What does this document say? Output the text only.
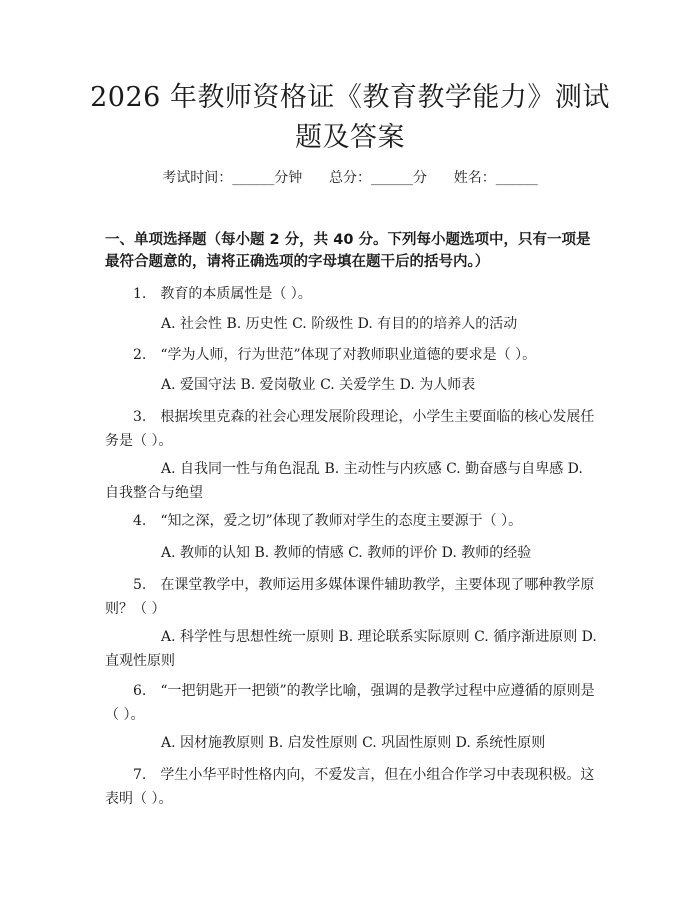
2026 年教师资格证《教育教学能力》测试题及答案
考试时间：______分钟      总分：______分      姓名：______
一、单项选择题（每小题 2 分，共 40 分。下列每小题选项中，只有一项是最符合题意的，请将正确选项的字母填在题干后的括号内。）
1. 教育的本质属性是（ ）。
A. 社会性 B. 历史性 C. 阶级性 D. 有目的的培养人的活动
2. “学为人师，行为世范”体现了对教师职业道德的要求是（ ）。
A. 爱国守法 B. 爱岗敬业 C. 关爱学生 D. 为人师表
3. 根据埃里克森的社会心理发展阶段理论，小学生主要面临的核心发展任务是（ ）。
A. 自我同一性与角色混乱 B. 主动性与内疚感 C. 勤奋感与自卑感 D. 自我整合与绝望
4. “知之深，爱之切”体现了教师对学生的态度主要源于（ ）。
A. 教师的认知 B. 教师的情感 C. 教师的评价 D. 教师的经验
5. 在课堂教学中，教师运用多媒体课件辅助教学，主要体现了哪种教学原则？（ ）
A. 科学性与思想性统一原则 B. 理论联系实际原则 C. 循序渐进原则 D. 直观性原则
6. “一把钥匙开一把锁”的教学比喻，强调的是教学过程中应遵循的原则是（ ）。
A. 因材施教原则 B. 启发性原则 C. 巩固性原则 D. 系统性原则
7. 学生小华平时性格内向，不爱发言，但在小组合作学习中表现积极。这表明（ ）。
